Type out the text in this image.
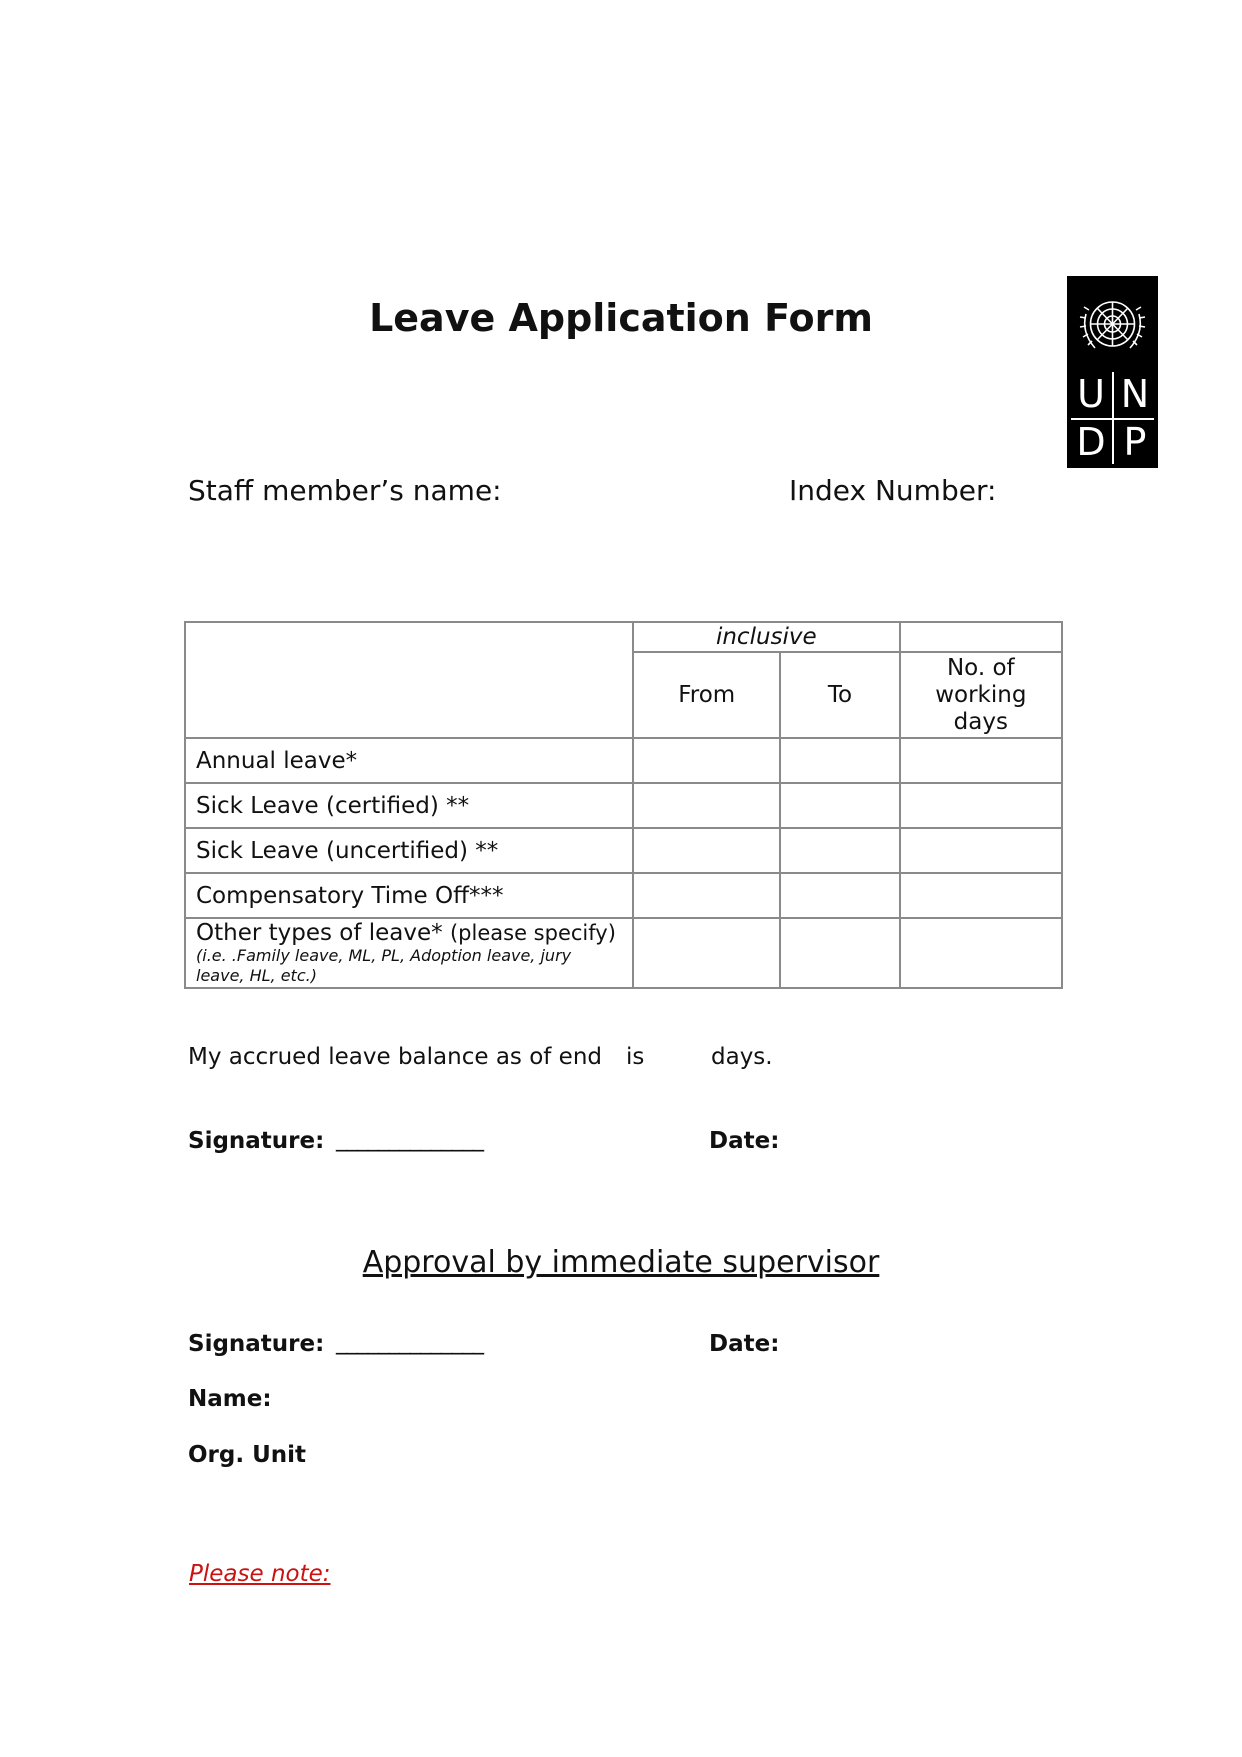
Leave Application Form
U N
D P
Staff member’s name:	Index Number:
	inclusive		
	From	To	No. of working days
Annual leave*			
Sick Leave (certified) **			
Sick Leave (uncertified) **			
Compensatory Time Off***			
Other types of leave* (please specify)
(i.e. .Family leave, ML, PL, Adoption leave, jury leave, HL, etc.)			

My accrued leave balance as of end is	days.
Signature: ______________	Date:
Approval by immediate supervisor
Signature: ______________	Date:
Name:
Org. Unit
Please note:
